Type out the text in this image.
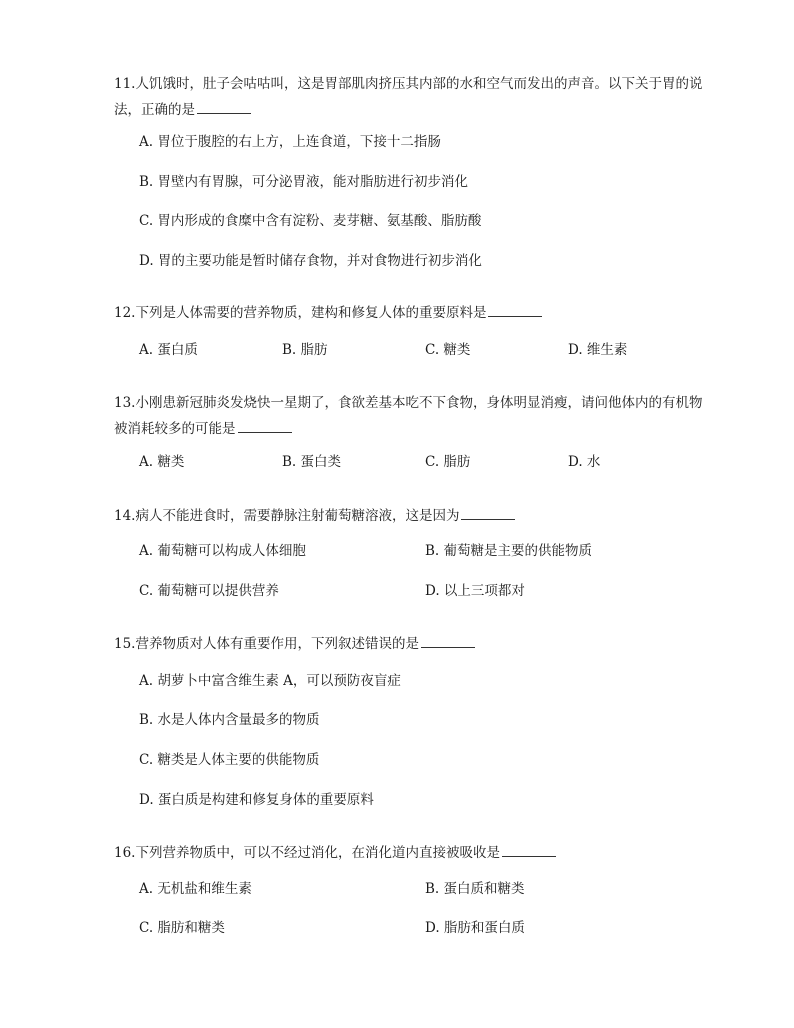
11.人饥饿时，肚子会咕咕叫，这是胃部肌肉挤压其内部的水和空气而发出的声音。以下关于胃的说法，正确的是
A. 胃位于腹腔的右上方，上连食道，下接十二指肠
B. 胃壁内有胃腺，可分泌胃液，能对脂肪进行初步消化
C. 胃内形成的食糜中含有淀粉、麦芽糖、氨基酸、脂肪酸
D. 胃的主要功能是暂时储存食物，并对食物进行初步消化
12.下列是人体需要的营养物质，建构和修复人体的重要原料是
A. 蛋白质	B. 脂肪	C. 糖类	D. 维生素
13.小刚患新冠肺炎发烧快一星期了，食欲差基本吃不下食物，身体明显消瘦，请问他体内的有机物被消耗较多的可能是
A. 糖类	B. 蛋白类	C. 脂肪	D. 水
14.病人不能进食时，需要静脉注射葡萄糖溶液，这是因为
A. 葡萄糖可以构成人体细胞	B. 葡萄糖是主要的供能物质
C. 葡萄糖可以提供营养	D. 以上三项都对
15.营养物质对人体有重要作用，下列叙述错误的是
A. 胡萝卜中富含维生素 A，可以预防夜盲症
B. 水是人体内含量最多的物质
C. 糖类是人体主要的供能物质
D. 蛋白质是构建和修复身体的重要原料
16.下列营养物质中，可以不经过消化，在消化道内直接被吸收是
A. 无机盐和维生素	B. 蛋白质和糖类
C. 脂肪和糖类	D. 脂肪和蛋白质
